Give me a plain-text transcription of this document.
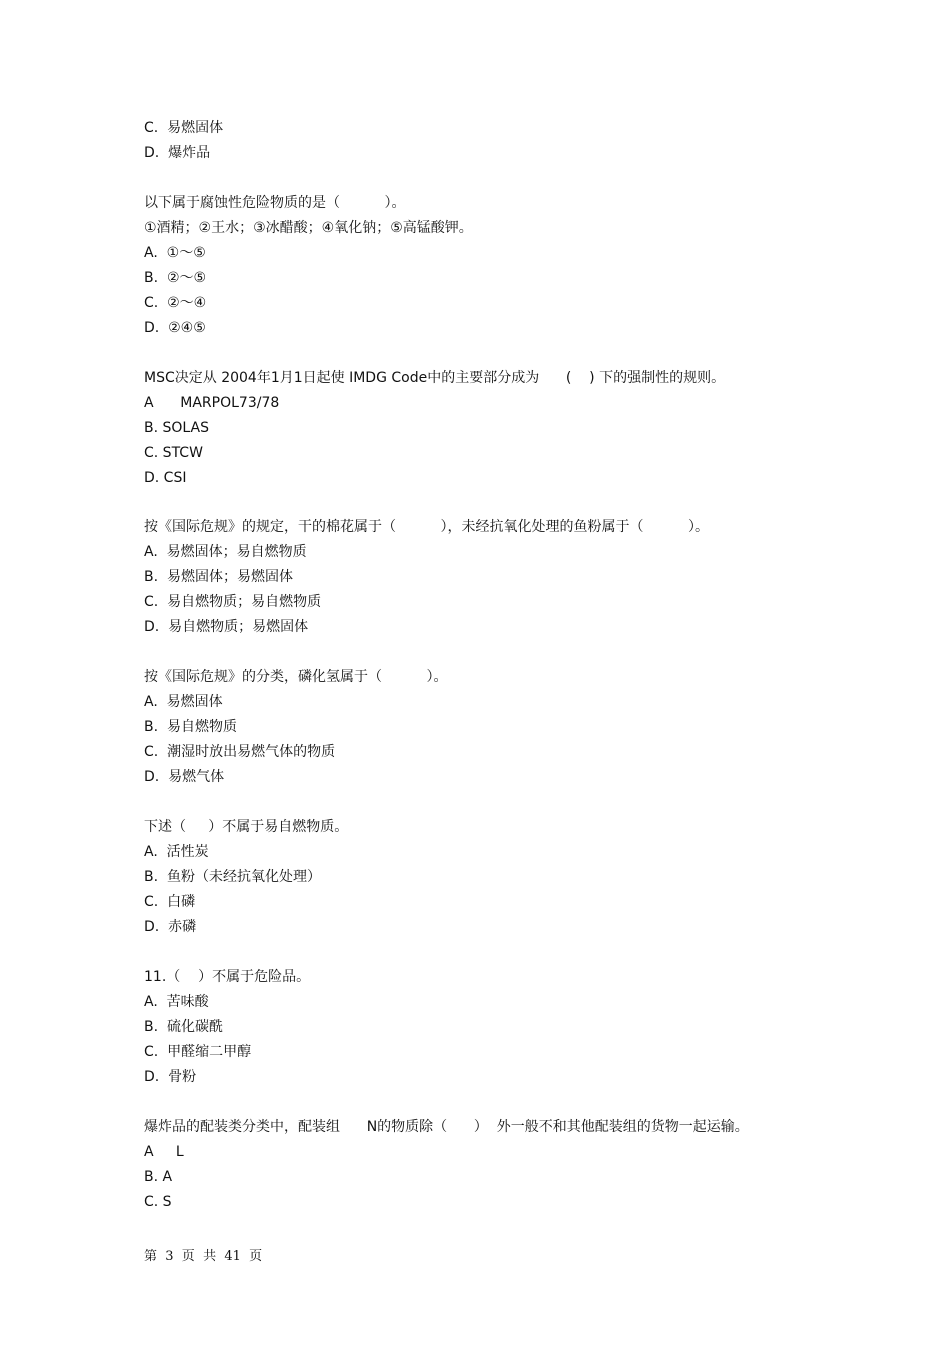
C.  易燃固体
D.  爆炸品
以下属于腐蚀性危险物质的是（          ）。
①酒精；②王水；③冰醋酸；④氧化钠；⑤高锰酸钾。
A.  ①～⑤
B.  ②～⑤
C.  ②～④
D.  ②④⑤
MSC决定从 2004年1月1日起使 IMDG Code中的主要部分成为      (    ) 下的强制性的规则。
A      MARPOL73/78
B. SOLAS
C. STCW
D. CSI
按《国际危规》的规定，干的棉花属于（          ），未经抗氧化处理的鱼粉属于（          ）。
A.  易燃固体；易自燃物质
B.  易燃固体；易燃固体
C.  易自燃物质；易自燃物质
D.  易自燃物质；易燃固体
按《国际危规》的分类，磷化氢属于（          ）。
A.  易燃固体
B.  易自燃物质
C.  潮湿时放出易燃气体的物质
D.  易燃气体
下述（     ）不属于易自燃物质。
A.  活性炭
B.  鱼粉（未经抗氧化处理）
C.  白磷
D.  赤磷
11.（    ）不属于危险品。
A.  苦味酸
B.  硫化碳酰
C.  甲醛缩二甲醇
D.  骨粉
爆炸品的配装类分类中，配装组      N的物质除（      ）  外一般不和其他配装组的货物一起运输。
A     L
B. A
C. S
第  3  页  共  41  页
